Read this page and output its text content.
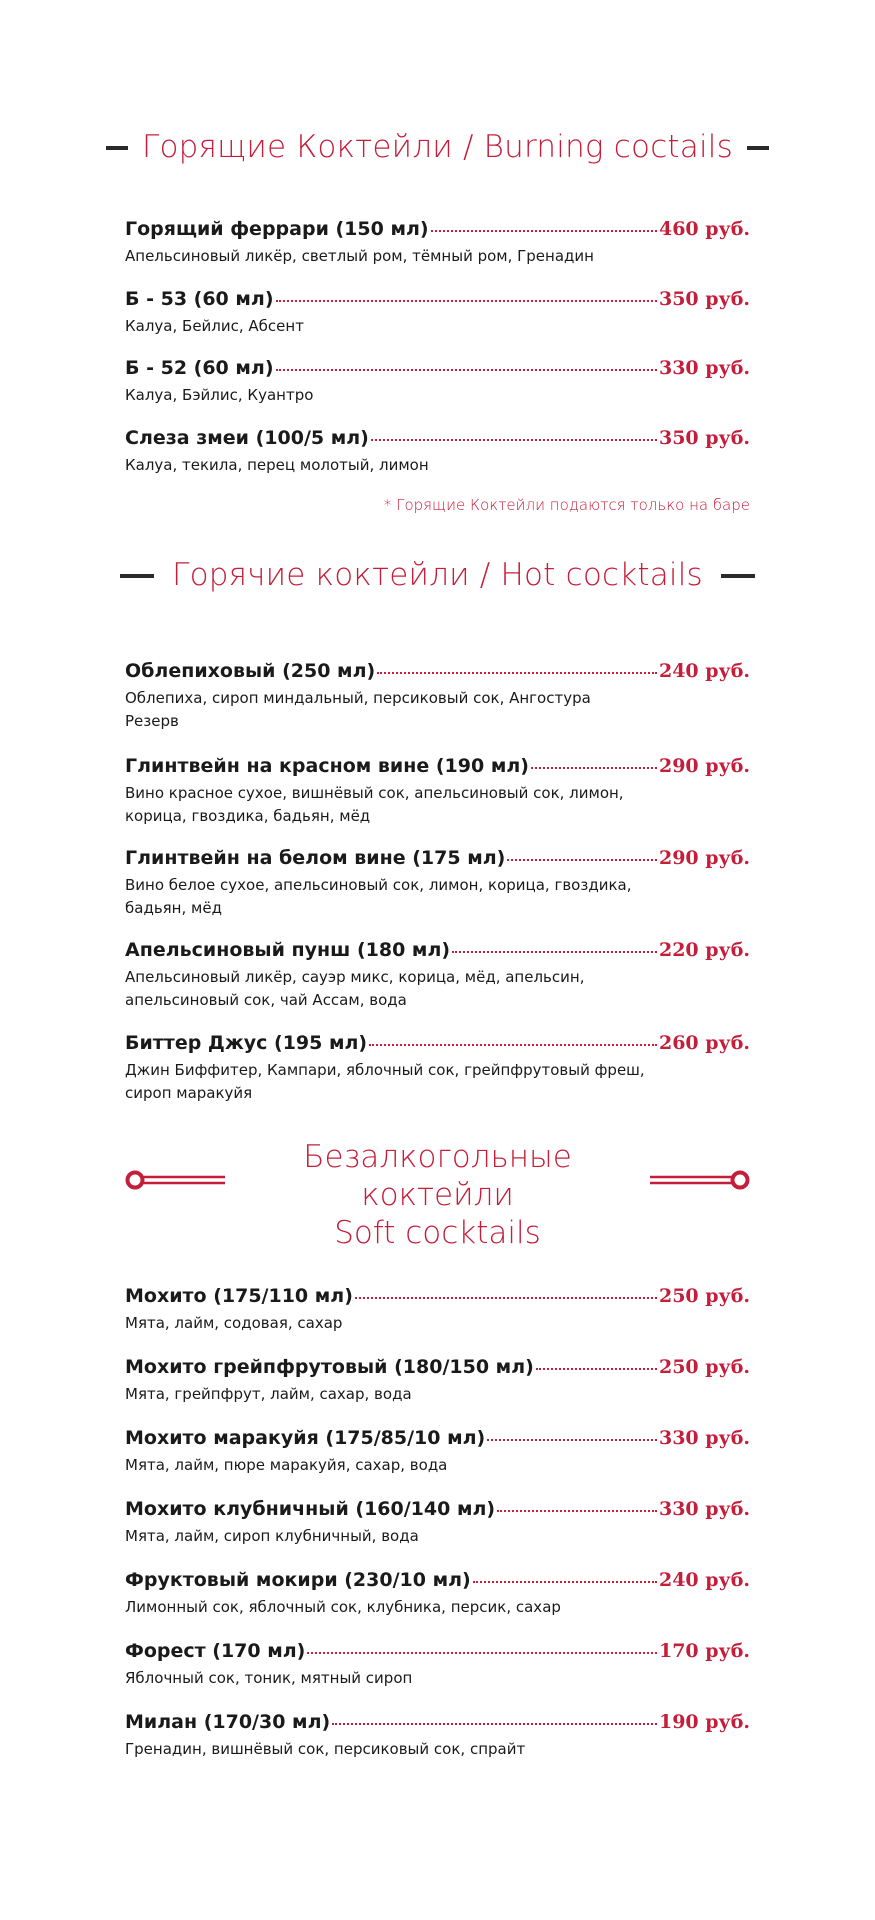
Горящие Коктейли / Burning coctails
Горящий феррари (150 мл)	460 руб.
Апельсиновый ликёр, светлый ром, тёмный ром, Гренадин
Б - 53 (60 мл)	350 руб.
Калуа, Бейлис, Абсент
Б - 52 (60 мл)	330 руб.
Калуа, Бэйлис, Куантро
Слеза змеи (100/5 мл)	350 руб.
Калуа, текила, перец молотый, лимон
* Горящие Коктейли подаются только на баре
Горячие коктейли / Hot cocktails
Облепиховый (250 мл)	240 руб.
Облепиха, сироп миндальный, персиковый сок, Ангостура Резерв
Глинтвейн на красном вине (190 мл)	290 руб.
Вино красное сухое, вишнёвый сок, апельсиновый сок, лимон, корица, гвоздика, бадьян, мёд
Глинтвейн на белом вине (175 мл)	290 руб.
Вино белое сухое, апельсиновый сок, лимон, корица, гвоздика, бадьян, мёд
Апельсиновый пунш (180 мл)	220 руб.
Апельсиновый ликёр, сауэр микс, корица, мёд, апельсин, апельсиновый сок, чай Ассам, вода
Биттер Джус (195 мл)	260 руб.
Джин Биффитер, Кампари, яблочный сок, грейпфрутовый фреш, сироп маракуйя
Безалкогольные коктейли
Soft cocktails
Мохито (175/110 мл)	250 руб.
Мята, лайм, содовая, сахар
Мохито грейпфрутовый (180/150 мл)	250 руб.
Мята, грейпфрут, лайм, сахар, вода
Мохито маракуйя (175/85/10 мл)	330 руб.
Мята, лайм, пюре маракуйя, сахар, вода
Мохито клубничный (160/140 мл)	330 руб.
Мята, лайм, сироп клубничный, вода
Фруктовый мокири (230/10 мл)	240 руб.
Лимонный сок, яблочный сок, клубника, персик, сахар
Форест (170 мл)	170 руб.
Яблочный сок, тоник, мятный сироп
Милан (170/30 мл)	190 руб.
Гренадин, вишнёвый сок, персиковый сок, спрайт
